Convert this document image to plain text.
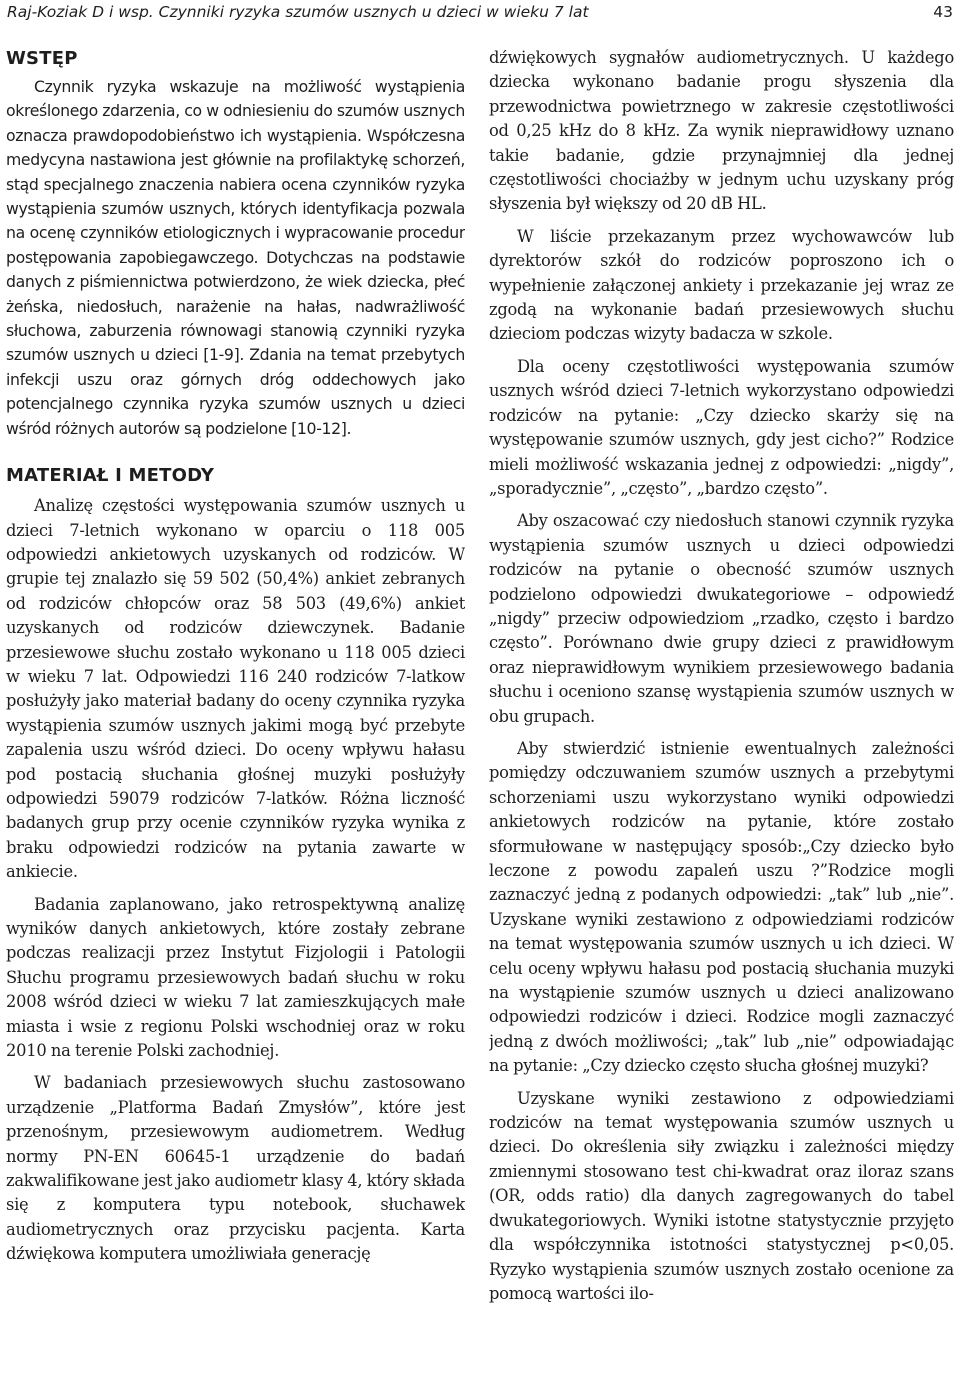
Raj-Koziak D i wsp. Czynniki ryzyka szumów usznych u dzieci w wieku 7 lat	43
WSTĘP

Czynnik ryzyka wskazuje na możliwość wystąpienia określonego zdarzenia, co w odniesieniu do szumów usznych oznacza prawdopodobieństwo ich wystąpienia. Współczesna medycyna nastawiona jest głównie na profilaktykę schorzeń, stąd specjalnego znaczenia nabiera ocena czynników ryzyka wystąpienia szumów usznych, których identyfikacja pozwala na ocenę czynników etiologicznych i wypracowanie procedur postępowania zapobiegawczego. Dotychczas na podstawie danych z piśmiennictwa potwierdzono, że wiek dziecka, płeć żeńska, niedosłuch, narażenie na hałas, nadwrażliwość słuchowa, zaburzenia równowagi stanowią czynniki ryzyka szumów usznych u dzieci [1-9]. Zdania na temat przebytych infekcji uszu oraz górnych dróg oddechowych jako potencjalnego czynnika ryzyka szumów usznych u dzieci wśród różnych autorów są podzielone [10-12].

MATERIAŁ I METODY

Analizę częstości występowania szumów usznych u dzieci 7-letnich wykonano w oparciu o 118 005 odpowiedzi ankietowych uzyskanych od rodziców. W grupie tej znalazło się 59 502 (50,4%) ankiet zebranych od rodziców chłopców oraz 58 503 (49,6%) ankiet uzyskanych od rodziców dziewczynek. Badanie przesiewowe słuchu zostało wykonano u 118 005 dzieci w wieku 7 lat. Odpowiedzi 116 240 rodziców 7-latkow posłużyły jako materiał badany do oceny czynnika ryzyka wystąpienia szumów usznych jakimi mogą być przebyte zapalenia uszu wśród dzieci. Do oceny wpływu hałasu pod postacią słuchania głośnej muzyki posłużyły odpowiedzi 59079 rodziców 7-latków. Różna liczność badanych grup przy ocenie czynników ryzyka wynika z braku odpowiedzi rodziców na pytania zawarte w ankiecie.

Badania zaplanowano, jako retrospektywną analizę wyników danych ankietowych, które zostały zebrane podczas realizacji przez Instytut Fizjologii i Patologii Słuchu programu przesiewowych badań słuchu w roku 2008 wśród dzieci w wieku 7 lat zamieszkujących małe miasta i wsie z regionu Polski wschodniej oraz w roku 2010 na terenie Polski zachodniej.

W badaniach przesiewowych słuchu zastosowano urządzenie „Platforma Badań Zmysłów”, które jest przenośnym, przesiewowym audiometrem. Według normy PN-EN 60645-1 urządzenie do badań zakwalifikowane jest jako audiometr klasy 4, który składa się z komputera typu notebook, słuchawek audiometrycznych oraz przycisku pacjenta. Karta dźwiękowa komputera umożliwiała generację

dźwiękowych sygnałów audiometrycznych. U każdego dziecka wykonano badanie progu słyszenia dla przewodnictwa powietrznego w zakresie częstotliwości od 0,25 kHz do 8 kHz. Za wynik nieprawidłowy uznano takie badanie, gdzie przynajmniej dla jednej częstotliwości chociażby w jednym uchu uzyskany próg słyszenia był większy od 20 dB HL.

W liście przekazanym przez wychowawców lub dyrektorów szkół do rodziców poproszono ich o wypełnienie załączonej ankiety i przekazanie jej wraz ze zgodą na wykonanie badań przesiewowych słuchu dzieciom podczas wizyty badacza w szkole.

Dla oceny częstotliwości występowania szumów usznych wśród dzieci 7-letnich wykorzystano odpowiedzi rodziców na pytanie: „Czy dziecko skarży się na występowanie szumów usznych, gdy jest cicho?” Rodzice mieli możliwość wskazania jednej z odpowiedzi: „nigdy”, „sporadycznie”, „często”, „bardzo często”.

Aby oszacować czy niedosłuch stanowi czynnik ryzyka wystąpienia szumów usznych u dzieci odpowiedzi rodziców na pytanie o obecność szumów usznych podzielono odpowiedzi dwukategoriowe – odpowiedź „nigdy” przeciw odpowiedziom „rzadko, często i bardzo często”. Porównano dwie grupy dzieci z prawidłowym oraz nieprawidłowym wynikiem przesiewowego badania słuchu i oceniono szansę wystąpienia szumów usznych w obu grupach.

Aby stwierdzić istnienie ewentualnych zależności pomiędzy odczuwaniem szumów usznych a przebytymi schorzeniami uszu wykorzystano wyniki odpowiedzi ankietowych rodziców na pytanie, które zostało sformułowane w następujący sposób:„Czy dziecko było leczone z powodu zapaleń uszu ?”Rodzice mogli zaznaczyć jedną z podanych odpowiedzi: „tak” lub „nie”. Uzyskane wyniki zestawiono z odpowiedziami rodziców na temat występowania szumów usznych u ich dzieci. W celu oceny wpływu hałasu pod postacią słuchania muzyki na wystąpienie szumów usznych u dzieci analizowano odpowiedzi rodziców i dzieci. Rodzice mogli zaznaczyć jedną z dwóch możliwości; „tak” lub „nie” odpowiadając na pytanie: „Czy dziecko często słucha głośnej muzyki?

Uzyskane wyniki zestawiono z odpowiedziami rodziców na temat występowania szumów usznych u dzieci. Do określenia siły związku i zależności między zmiennymi stosowano test chi-kwadrat oraz iloraz szans (OR, odds ratio) dla danych zagregowanych do tabel dwukategoriowych. Wyniki istotne statystycznie przyjęto dla współczynnika istotności statystycznej p<0,05. Ryzyko wystąpienia szumów usznych zostało ocenione za pomocą wartości ilo-
